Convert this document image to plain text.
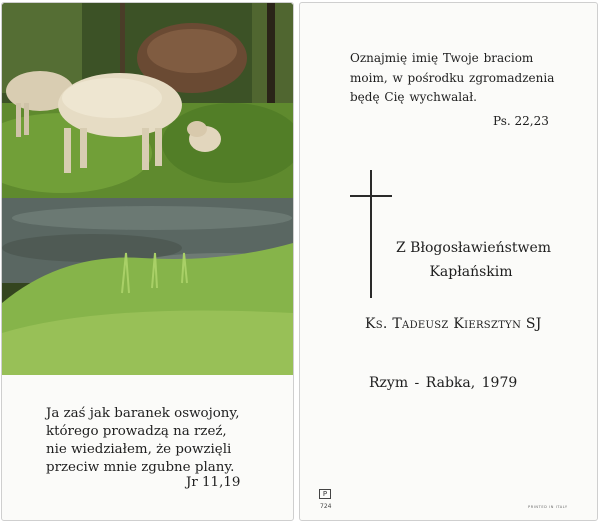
Ja zaś jak baranek oswojony,
którego prowadzą na rzeź,
nie wiedziałem, że powzięli
przeciw mnie zgubne plany.
Jr 11,19
Oznajmię imię Twoje braciom
moim, w pośrodku zgromadzenia
będę Cię wychwalał.
Ps. 22,23
Z Błogosławieństwem
Kapłańskim
Ks. Tadeusz Kiersztyn SJ
Rzym - Rabka, 1979
P
724	PRINTED IN ITALY
